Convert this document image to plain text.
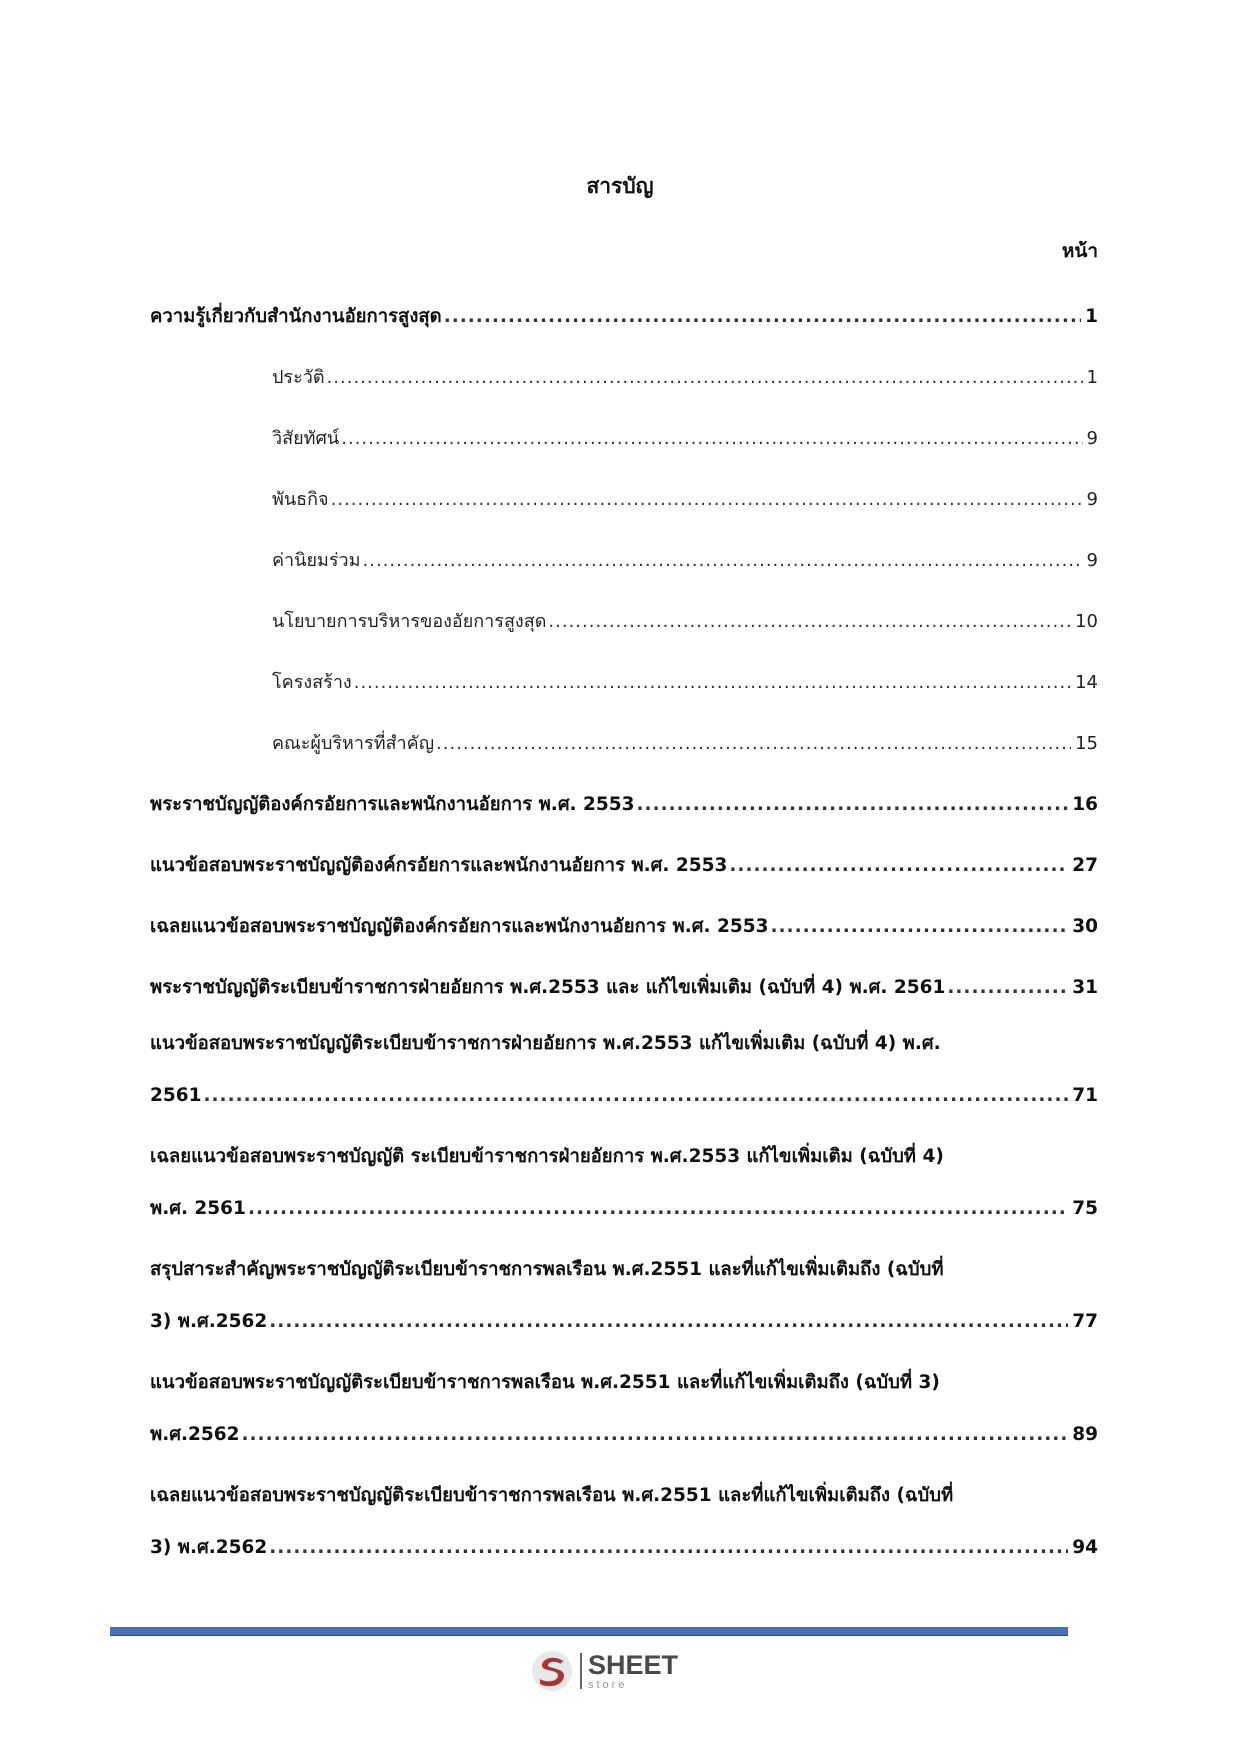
สารบัญ
หน้า
ความรู้เกี่ยวกับสำนักงานอัยการสูงสุด .....	1
ประวัติ .....	1
วิสัยทัศน์ .....	9
พันธกิจ .....	9
ค่านิยมร่วม .....	9
นโยบายการบริหารของอัยการสูงสุด .....	10
โครงสร้าง .....	14
คณะผู้บริหารที่สำคัญ .....	15
พระราชบัญญัติองค์กรอัยการและพนักงานอัยการ พ.ศ. 2553 .....	16
แนวข้อสอบพระราชบัญญัติองค์กรอัยการและพนักงานอัยการ พ.ศ. 2553 .....	27
เฉลยแนวข้อสอบพระราชบัญญัติองค์กรอัยการและพนักงานอัยการ พ.ศ. 2553 .....	30
พระราชบัญญัติระเบียบข้าราชการฝ่ายอัยการ พ.ศ.2553 และ แก้ไขเพิ่มเติม (ฉบับที่ 4) พ.ศ. 2561 .....	31
แนวข้อสอบพระราชบัญญัติระเบียบข้าราชการฝ่ายอัยการ พ.ศ.2553 แก้ไขเพิ่มเติม (ฉบับที่ 4) พ.ศ.
2561 .....	71
เฉลยแนวข้อสอบพระราชบัญญัติ ระเบียบข้าราชการฝ่ายอัยการ พ.ศ.2553 แก้ไขเพิ่มเติม (ฉบับที่ 4)
พ.ศ. 2561 .....	75
สรุปสาระสำคัญพระราชบัญญัติระเบียบข้าราชการพลเรือน พ.ศ.2551 และที่แก้ไขเพิ่มเติมถึง (ฉบับที่
3) พ.ศ.2562 .....	77
แนวข้อสอบพระราชบัญญัติระเบียบข้าราชการพลเรือน พ.ศ.2551 และที่แก้ไขเพิ่มเติมถึง (ฉบับที่ 3)
พ.ศ.2562 .....	89
เฉลยแนวข้อสอบพระราชบัญญัติระเบียบข้าราชการพลเรือน พ.ศ.2551 และที่แก้ไขเพิ่มเติมถึง (ฉบับที่
3) พ.ศ.2562 .....	94
SHEET
store
